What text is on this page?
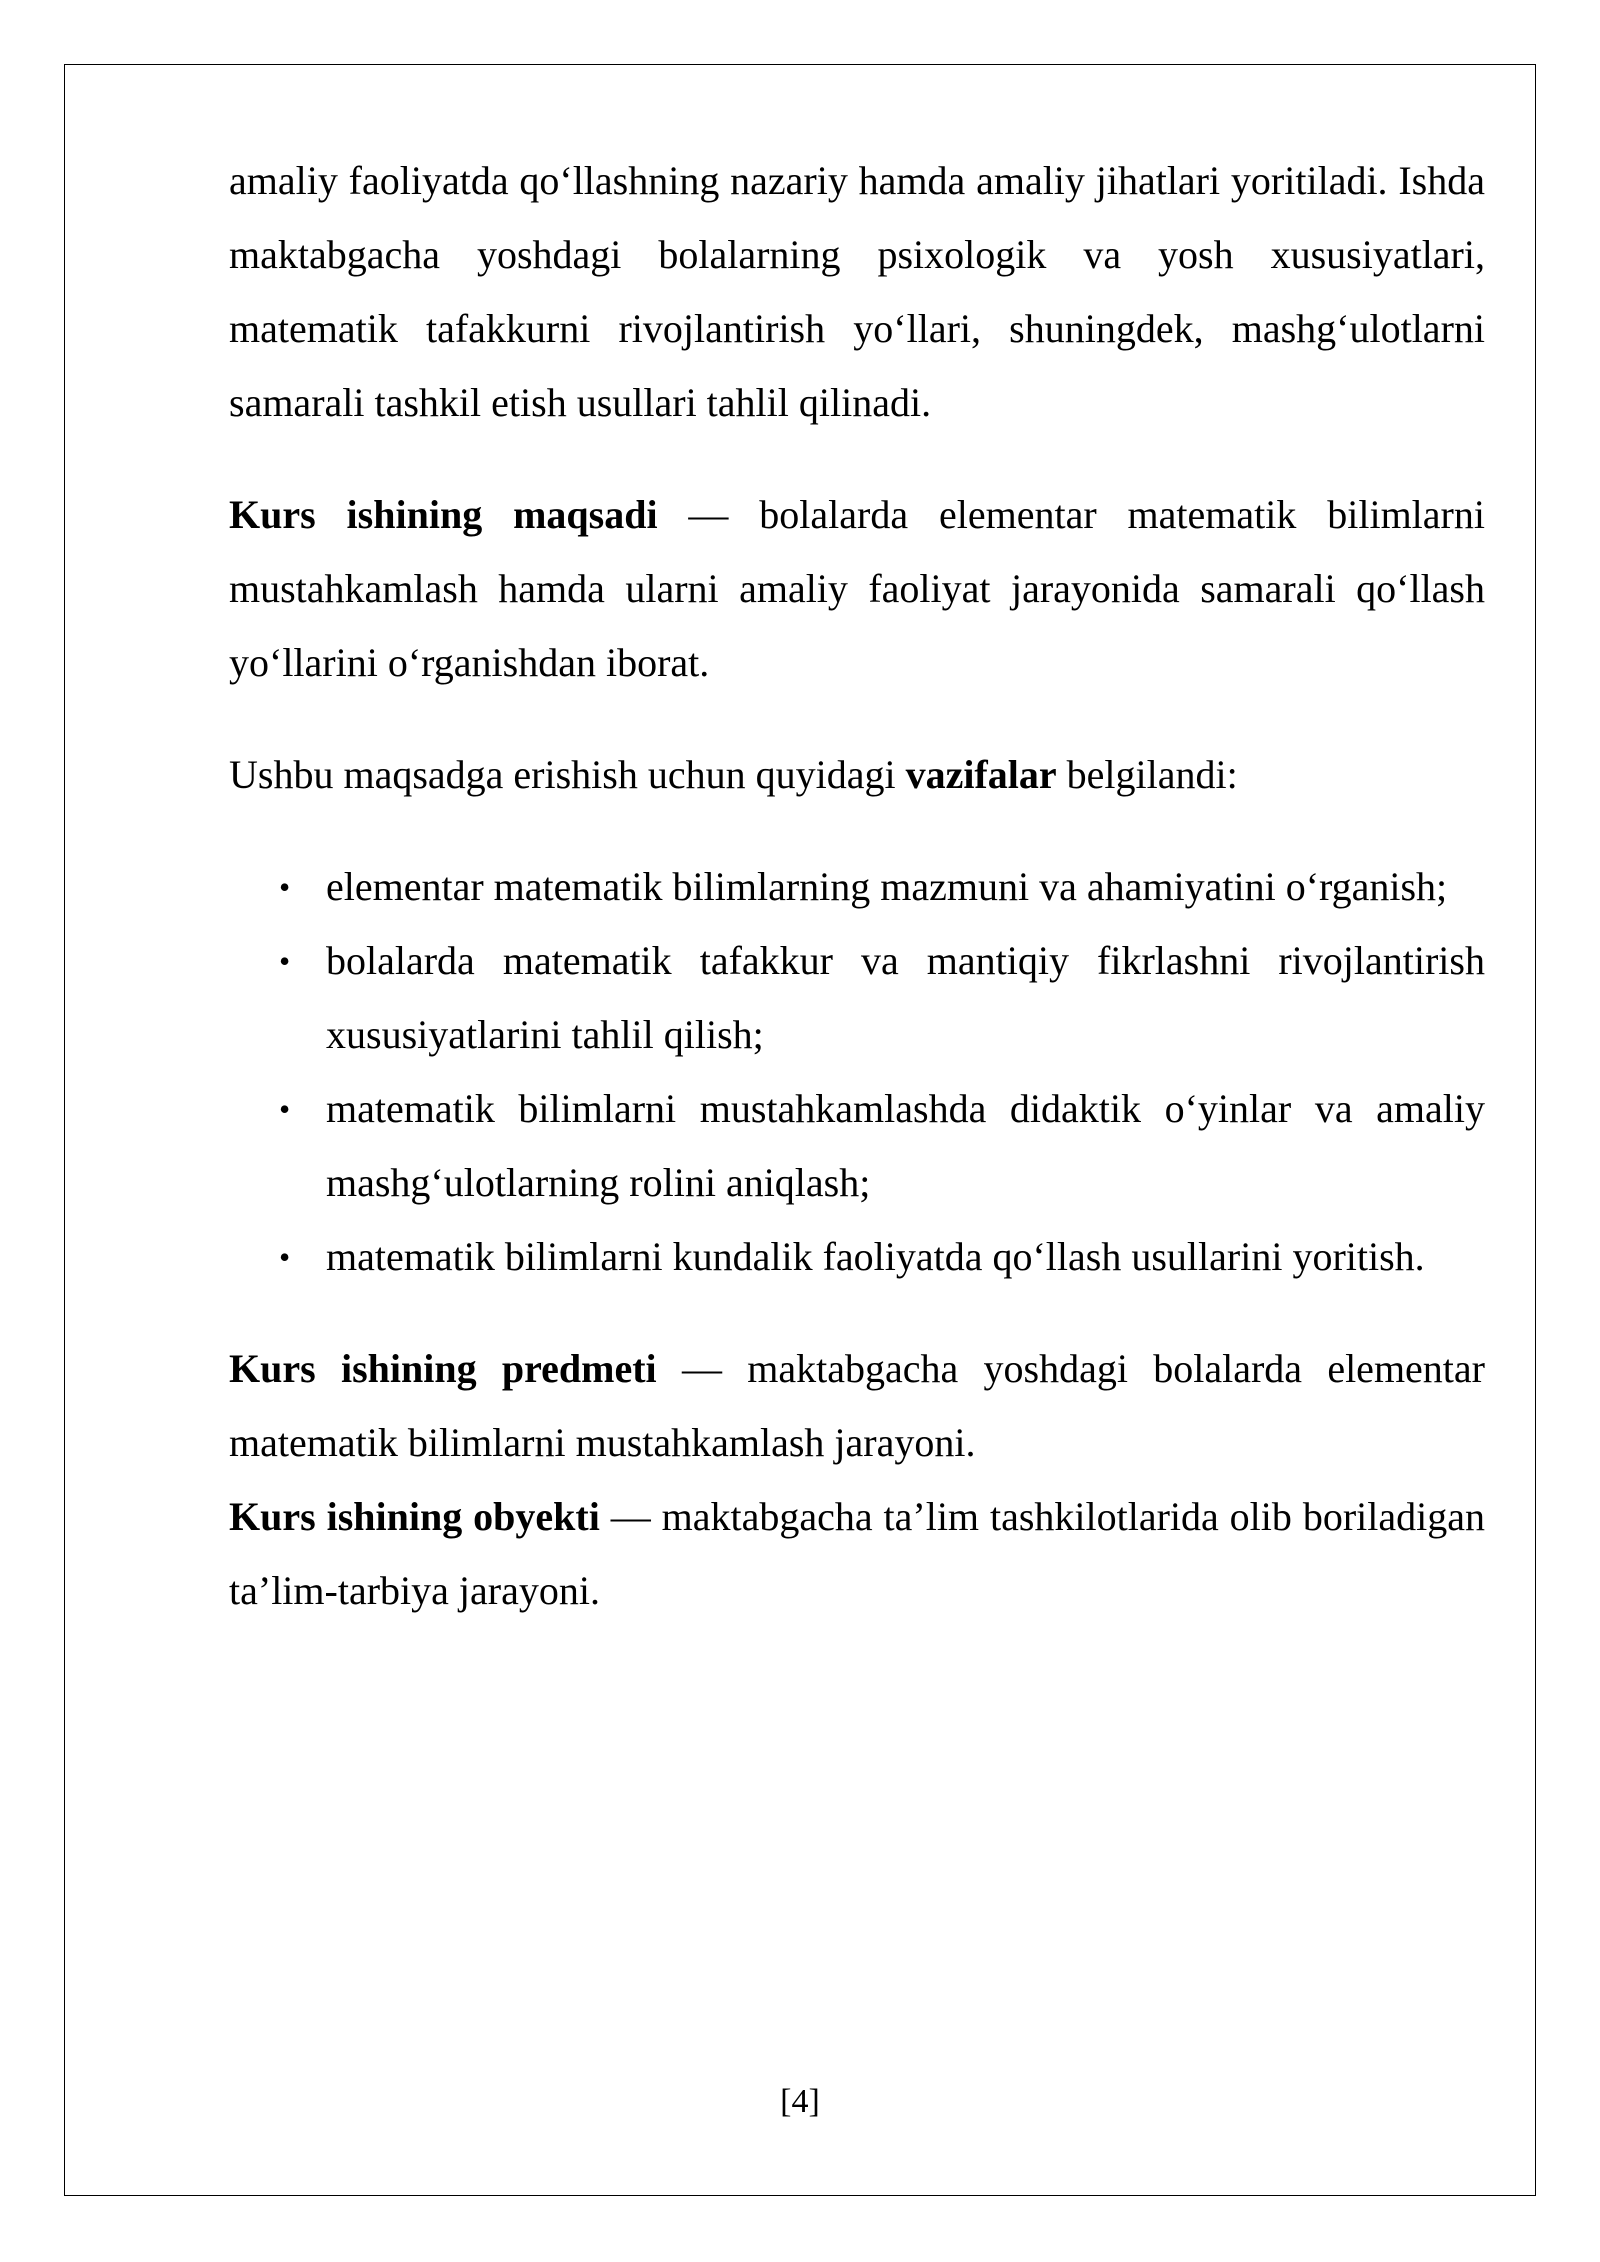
amaliy faoliyatda qo‘llashning nazariy hamda amaliy jihatlari yoritiladi. Ishda maktabgacha yoshdagi bolalarning psixologik va yosh xususiyatlari, matematik tafakkurni rivojlantirish yo‘llari, shuningdek, mashg‘ulotlarni samarali tashkil etish usullari tahlil qilinadi.

Kurs ishining maqsadi — bolalarda elementar matematik bilimlarni mustahkamlash hamda ularni amaliy faoliyat jarayonida samarali qo‘llash yo‘llarini o‘rganishdan iborat.

Ushbu maqsadga erishish uchun quyidagi vazifalar belgilandi:

• elementar matematik bilimlarning mazmuni va ahamiyatini o‘rganish;
• bolalarda matematik tafakkur va mantiqiy fikrlashni rivojlantirish xususiyatlarini tahlil qilish;
• matematik bilimlarni mustahkamlashda didaktik o‘yinlar va amaliy mashg‘ulotlarning rolini aniqlash;
• matematik bilimlarni kundalik faoliyatda qo‘llash usullarini yoritish.

Kurs ishining predmeti — maktabgacha yoshdagi bolalarda elementar matematik bilimlarni mustahkamlash jarayoni.
Kurs ishining obyekti — maktabgacha ta’lim tashkilotlarida olib boriladigan ta’lim-tarbiya jarayoni.

[4]
